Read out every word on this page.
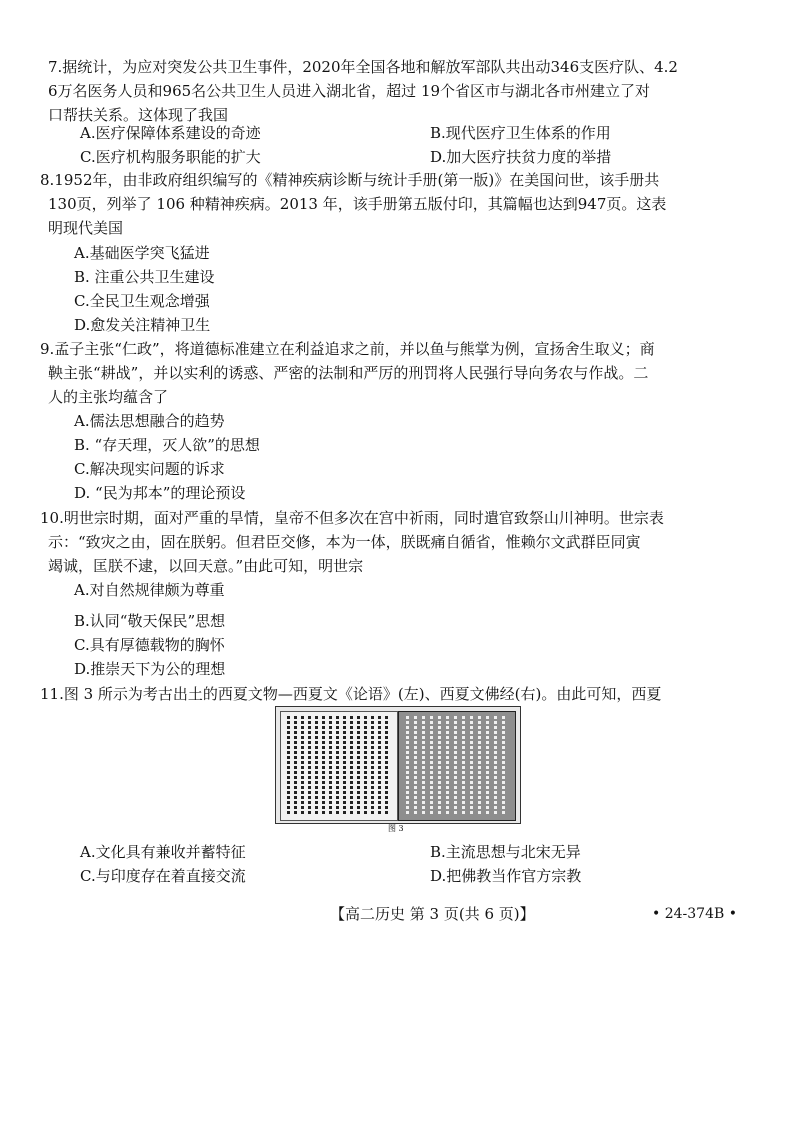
7.据统计，为应对突发公共卫生事件，2020年全国各地和解放军部队共出动346支医疗队、4.2
6万名医务人员和965名公共卫生人员进入湖北省，超过 19个省区市与湖北各市州建立了对
口帮扶关系。这体现了我国
A.医疗保障体系建设的奇迹	B.现代医疗卫生体系的作用
C.医疗机构服务职能的扩大	D.加大医疗扶贫力度的举措
8.1952年，由非政府组织编写的《精神疾病诊断与统计手册(第一版)》在美国问世，该手册共
130页，列举了 106 种精神疾病。2013 年，该手册第五版付印，其篇幅也达到947页。这表
明现代美国
A.基础医学突飞猛进
B. 注重公共卫生建设
C.全民卫生观念增强
D.愈发关注精神卫生
9.孟子主张“仁政”，将道德标准建立在利益追求之前，并以鱼与熊掌为例，宣扬舍生取义；商
鞅主张“耕战”，并以实利的诱惑、严密的法制和严厉的刑罚将人民强行导向务农与作战。二
人的主张均蕴含了
A.儒法思想融合的趋势
B. “存天理，灭人欲”的思想
C.解决现实问题的诉求
D. “民为邦本”的理论预设
10.明世宗时期，面对严重的旱情，皇帝不但多次在宫中祈雨，同时遣官致祭山川神明。世宗表
示：“致灾之由，固在朕躬。但君臣交修，本为一体，朕既痛自循省，惟赖尔文武群臣同寅
竭诚，匡朕不逮，以回天意。”由此可知，明世宗
A.对自然规律颇为尊重
B.认同“敬天保民”思想
C.具有厚德载物的胸怀
D.推崇天下为公的理想
11.图 3 所示为考古出土的西夏文物—西夏文《论语》(左)、西夏文佛经(右)。由此可知，西夏
图 3
A.文化具有兼收并蓄特征	B.主流思想与北宋无异
C.与印度存在着直接交流	D.把佛教当作官方宗教
【高二历史 第 3 页(共 6 页)】	• 24-374B •
